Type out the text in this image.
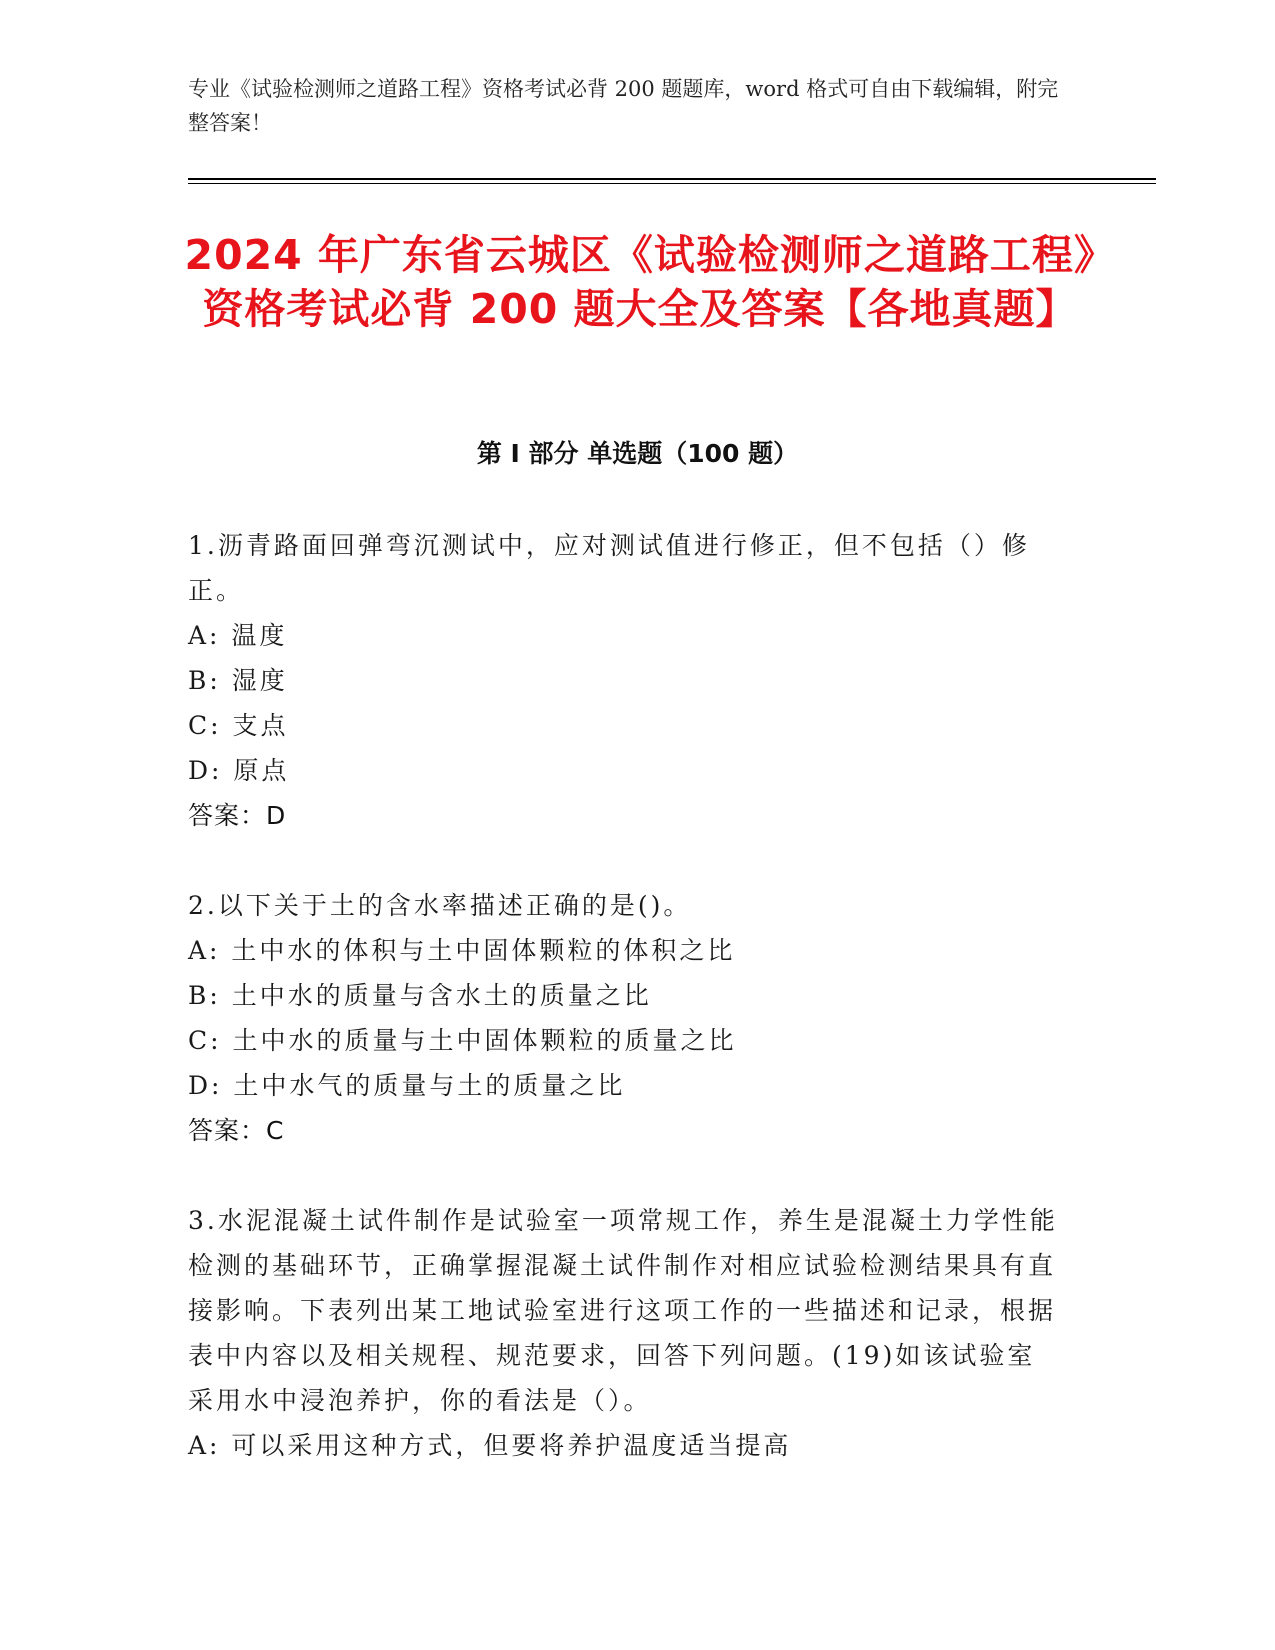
专业《试验检测师之道路工程》资格考试必背 200 题题库，word 格式可自由下载编辑，附完整答案！
2024 年广东省云城区《试验检测师之道路工程》资格考试必背 200 题大全及答案【各地真题】
第 I 部分 单选题（100 题）
1.沥青路面回弹弯沉测试中，应对测试值进行修正，但不包括（）修正。
A: 温度
B: 湿度
C: 支点
D: 原点
答案：D
2.以下关于土的含水率描述正确的是()。
A: 土中水的体积与土中固体颗粒的体积之比
B: 土中水的质量与含水土的质量之比
C: 土中水的质量与土中固体颗粒的质量之比
D: 土中水气的质量与土的质量之比
答案：C
3.水泥混凝土试件制作是试验室一项常规工作，养生是混凝土力学性能检测的基础环节，正确掌握混凝土试件制作对相应试验检测结果具有直接影响。下表列出某工地试验室进行这项工作的一些描述和记录，根据表中内容以及相关规程、规范要求，回答下列问题。(19)如该试验室采用水中浸泡养护，你的看法是（）。
A: 可以采用这种方式，但要将养护温度适当提高
